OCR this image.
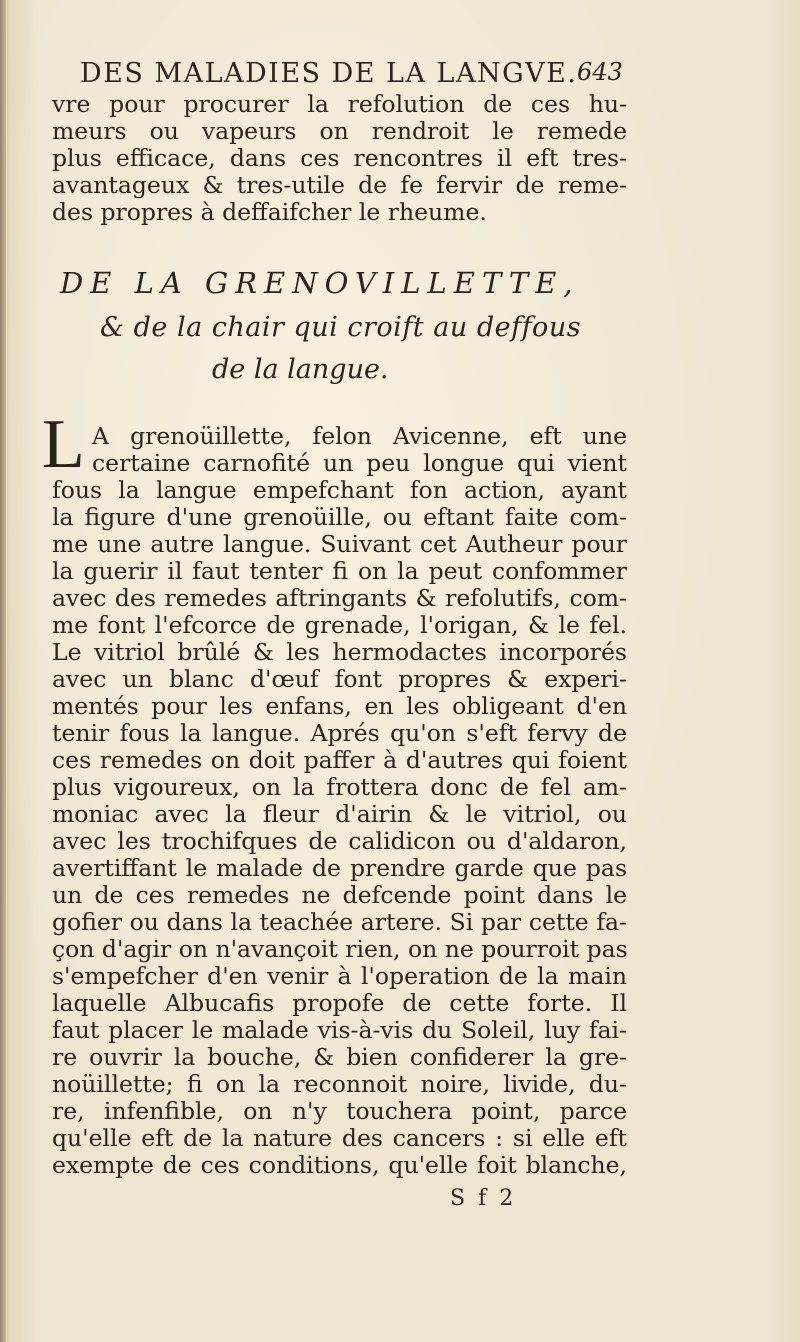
DES MALADIES DE LA LANGVE. 643
vre pour procurer la refolution de ces hu-
meurs ou vapeurs on rendroit le remede
plus efficace, dans ces rencontres il eft tres-
avantageux & tres-utile de fe fervir de reme-
des propres à deffaifcher le rheume.
DE LA GRENOVILLETTE,
& de la chair qui croift au deffous
de la langue.
L A grenoüillette, felon Avicenne, eft une
certaine carnofité un peu longue qui vient
fous la langue empefchant fon action, ayant
la figure d'une grenoüille, ou eftant faite com-
me une autre langue. Suivant cet Autheur pour
la guerir il faut tenter fi on la peut confommer
avec des remedes aftringants & refolutifs, com-
me font l'efcorce de grenade, l'origan, & le fel.
Le vitriol brûlé & les hermodactes incorporés
avec un blanc d'œuf font propres & experi-
mentés pour les enfans, en les obligeant d'en
tenir fous la langue. Aprés qu'on s'eft fervy de
ces remedes on doit paffer à d'autres qui foient
plus vigoureux, on la frottera donc de fel am-
moniac avec la fleur d'airin & le vitriol, ou
avec les trochifques de calidicon ou d'aldaron,
avertiffant le malade de prendre garde que pas
un de ces remedes ne defcende point dans le
gofier ou dans la teachée artere. Si par cette fa-
çon d'agir on n'avançoit rien, on ne pourroit pas
s'empefcher d'en venir à l'operation de la main
laquelle Albucafis propofe de cette forte. Il
faut placer le malade vis-à-vis du Soleil, luy fai-
re ouvrir la bouche, & bien confiderer la gre-
noüillette; fi on la reconnoit noire, livide, du-
re, infenfible, on n'y touchera point, parce
qu'elle eft de la nature des cancers : si elle eft
exempte de ces conditions, qu'elle foit blanche,
S f 2
